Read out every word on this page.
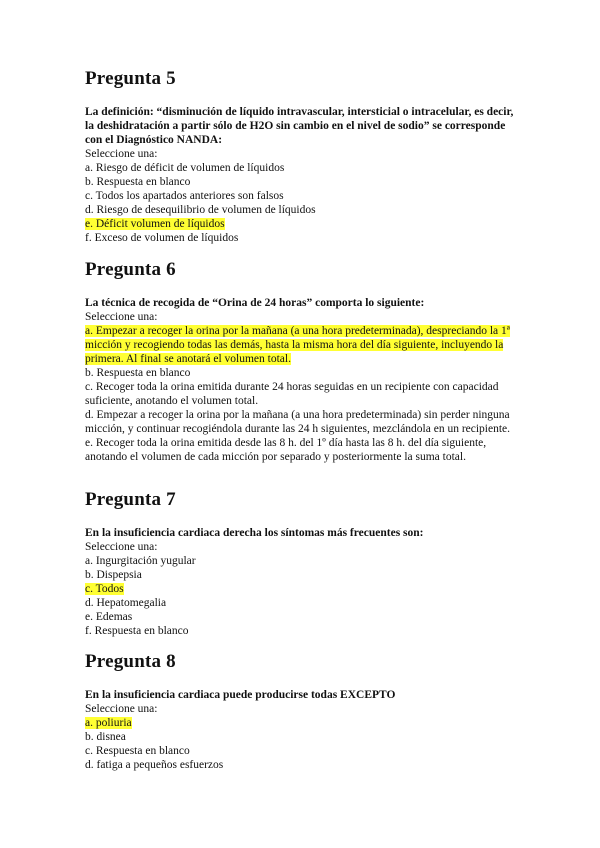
Pregunta 5

La definición: “disminución de líquido intravascular, intersticial o intracelular, es decir, la deshidratación a partir sólo de H2O sin cambio en el nivel de sodio” se corresponde con el Diagnóstico NANDA:

Seleccione una:

a. Riesgo de déficit de volumen de líquidos

b. Respuesta en blanco

c. Todos los apartados anteriores son falsos

d. Riesgo de desequilibrio de volumen de líquidos

e. Déficit volumen de líquidos

f. Exceso de volumen de líquidos

Pregunta 6

La técnica de recogida de “Orina de 24 horas” comporta lo siguiente:

Seleccione una:

a. Empezar a recoger la orina por la mañana (a una hora predeterminada), despreciando la 1ª micción y recogiendo todas las demás, hasta la misma hora del día siguiente, incluyendo la primera. Al final se anotará el volumen total.

b. Respuesta en blanco

c. Recoger toda la orina emitida durante 24 horas seguidas en un recipiente con capacidad suficiente, anotando el volumen total.

d. Empezar a recoger la orina por la mañana (a una hora predeterminada) sin perder ninguna micción, y continuar recogiéndola durante las 24 h siguientes, mezclándola en un recipiente.

e. Recoger toda la orina emitida desde las 8 h. del 1º día hasta las 8 h. del día siguiente, anotando el volumen de cada micción por separado y posteriormente la suma total.

Pregunta 7

En la insuficiencia cardiaca derecha los síntomas más frecuentes son:

Seleccione una:

a. Ingurgitación yugular

b. Dispepsia

c. Todos

d. Hepatomegalia

e. Edemas

f. Respuesta en blanco

Pregunta 8

En la insuficiencia cardiaca puede producirse todas EXCEPTO

Seleccione una:

a. poliuria

b. disnea

c. Respuesta en blanco

d. fatiga a pequeños esfuerzos
